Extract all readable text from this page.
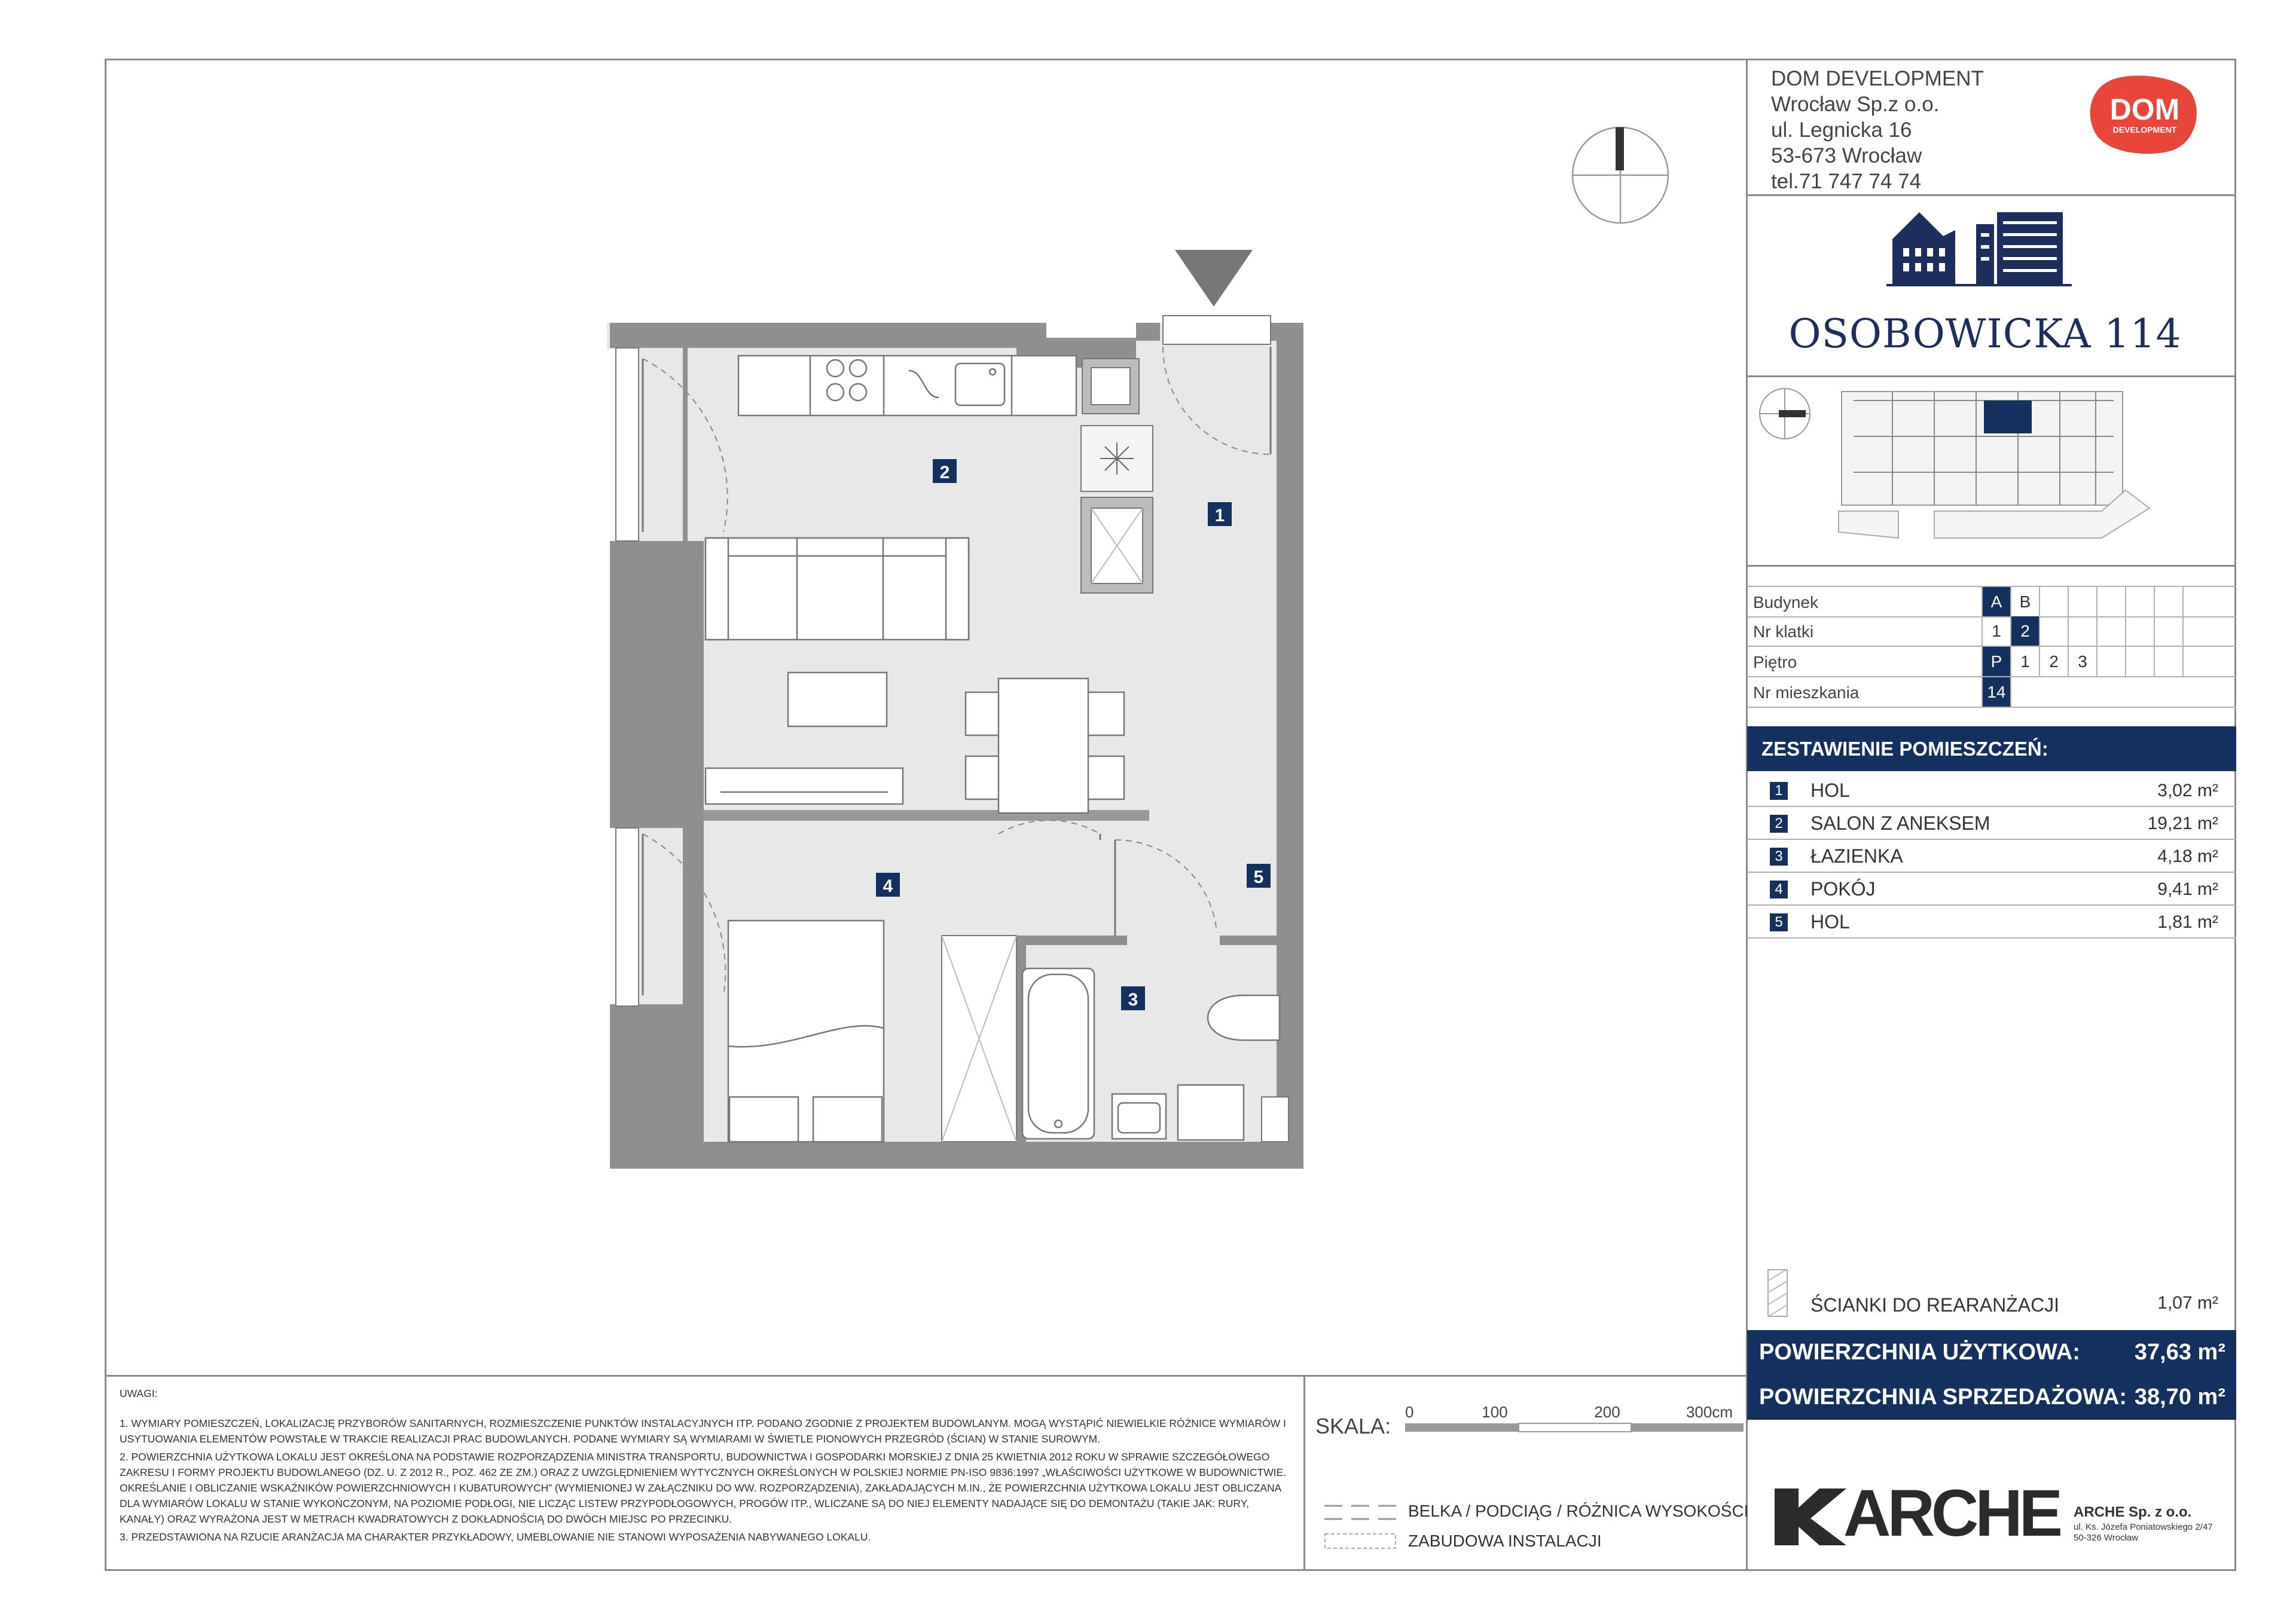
DOM DEVELOPMENT
Wrocław Sp.z o.o.
ul. Legnicka 16
53-673 Wrocław
tel.71 747 74 74
DOM
DEVELOPMENT
OSOBOWICKA 114
Budynek	A	B
Nr klatki	1	2
Piętro	P	1	2	3
Nr mieszkania	14
ZESTAWIENIE POMIESZCZEŃ:
1 HOL	3,02 m²
2 SALON Z ANEKSEM	19,21 m²
3 ŁAZIENKA	4,18 m²
4 POKÓJ	9,41 m²
5 HOL	1,81 m²
ŚCIANKI DO REARANŻACJI	1,07 m²
POWIERZCHNIA UŻYTKOWA: 37,63 m²
POWIERZCHNIA SPRZEDAŻOWA: 38,70 m²

UWAGI:

1. WYMIARY POMIESZCZEŃ, LOKALIZACJĘ PRZYBORÓW SANITARNYCH, ROZMIESZCZENIE PUNKTÓW INSTALACYJNYCH ITP. PODANO ZGODNIE Z PROJEKTEM BUDOWLANYM. MOGĄ WYSTĄPIĆ NIEWIELKIE RÓŻNICE WYMIARÓW I USYTUOWANIA ELEMENTÓW POWSTAŁE W TRAKCIE REALIZACJI PRAC BUDOWLANYCH. PODANE WYMIARY SĄ WYMIARAMI W ŚWIETLE PIONOWYCH PRZEGRÓD (ŚCIAN) W STANIE SUROWYM.

2. POWIERZCHNIA UŻYTKOWA LOKALU JEST OKREŚLONA NA PODSTAWIE ROZPORZĄDZENIA MINISTRA TRANSPORTU, BUDOWNICTWA I GOSPODARKI MORSKIEJ Z DNIA 25 KWIETNIA 2012 ROKU W SPRAWIE SZCZEGÓŁOWEGO ZAKRESU I FORMY PROJEKTU BUDOWLANEGO (DZ. U. Z 2012 R., POZ. 462 ZE ZM.) ORAZ Z UWZGLĘDNIENIEM WYTYCZNYCH OKREŚLONYCH W POLSKIEJ NORMIE PN-ISO 9836:1997 „WŁAŚCIWOŚCI UŻYTKOWE W BUDOWNICTWIE. OKREŚLANIE I OBLICZANIE WSKAŹNIKÓW POWIERZCHNIOWYCH I KUBATUROWYCH” (WYMIENIONEJ W ZAŁĄCZNIKU DO WW. ROZPORZĄDZENIA), ZAKŁADAJĄCYCH M.IN., ŻE POWIERZCHNIA UŻYTKOWA LOKALU JEST OBLICZANA DLA WYMIARÓW LOKALU W STANIE WYKOŃCZONYM, NA POZIOMIE PODŁOGI, NIE LICZĄC LISTEW PRZYPODŁOGOWYCH, PROGÓW ITP., WLICZANE SĄ DO NIEJ ELEMENTY NADAJĄCE SIĘ DO DEMONTAŻU (TAKIE JAK: RURY, KANAŁY) ORAZ WYRAŻONA JEST W METRACH KWADRATOWYCH Z DOKŁADNOŚCIĄ DO DWÓCH MIEJSC PO PRZECINKU.

3. PRZEDSTAWIONA NA RZUCIE ARANŻACJA MA CHARAKTER PRZYKŁADOWY, UMEBLOWANIE NIE STANOWI WYPOSAŻENIA NABYWANEGO LOKALU.

SKALA:
0	100	200	300cm
BELKA / PODCIĄG / RÓŻNICA WYSOKOŚCI
ZABUDOWA INSTALACJI	ARCHE ARCHE Sp. z o.o.
ul. Ks. Józefa Poniatowskiego 2/47
50-326 Wrocław
1
2
3
4	5
